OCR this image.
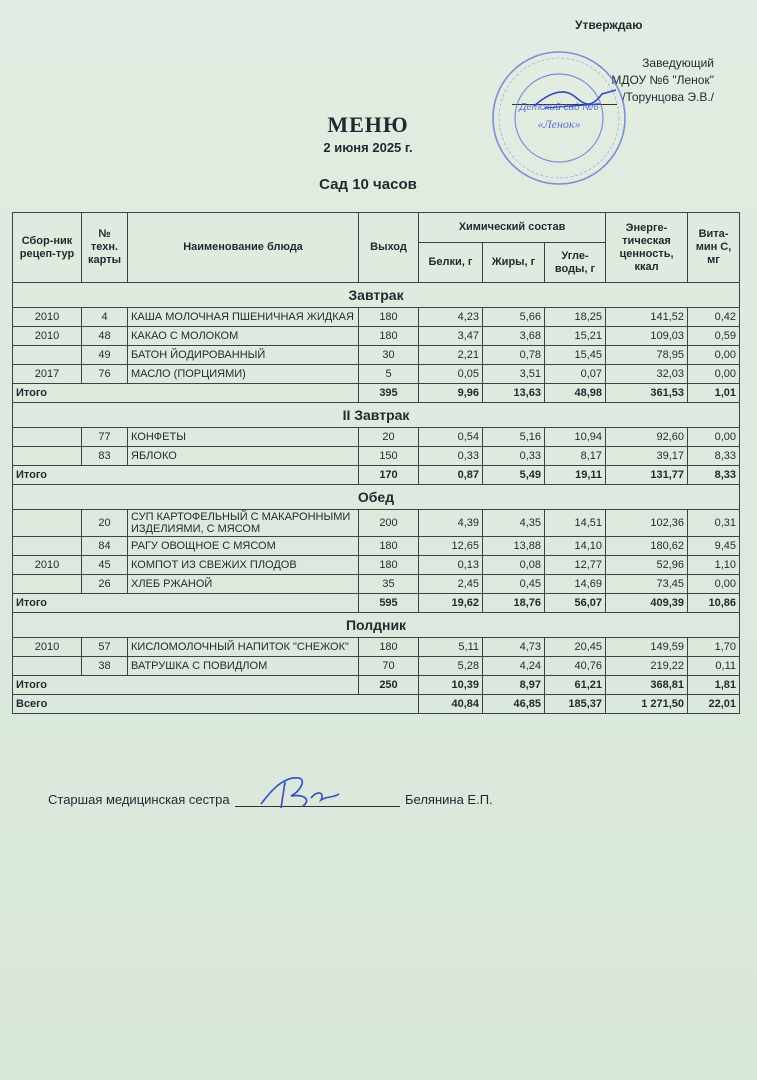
Утверждаю
Заведующий
МДОУ №6 "Ленок"
/Торунцова Э.В./
Детский сад №6
«Ленок»
МЕНЮ
2 июня 2025 г.
Сад 10 часов
Сбор-ник рецеп-тур	№ техн. карты	Наименование блюда	Выход	Химический состав			Энерге-тическая ценность, ккал	Вита-мин С, мг
				Белки, г	Жиры, г	Угле-воды, г		
Завтрак								
2010	4	КАША МОЛОЧНАЯ ПШЕНИЧНАЯ ЖИДКАЯ	180	4,23	5,66	18,25	141,52	0,42
2010	48	КАКАО С МОЛОКОМ	180	3,47	3,68	15,21	109,03	0,59
	49	БАТОН ЙОДИРОВАННЫЙ	30	2,21	0,78	15,45	78,95	0,00
2017	76	МАСЛО (ПОРЦИЯМИ)	5	0,05	3,51	0,07	32,03	0,00
Итого			395	9,96	13,63	48,98	361,53	1,01
II Завтрак								
	77	КОНФЕТЫ	20	0,54	5,16	10,94	92,60	0,00
	83	ЯБЛОКО	150	0,33	0,33	8,17	39,17	8,33
Итого			170	0,87	5,49	19,11	131,77	8,33
Обед								
	20	СУП КАРТОФЕЛЬНЫЙ С МАКАРОННЫМИ ИЗДЕЛИЯМИ, С МЯСОМ	200	4,39	4,35	14,51	102,36	0,31
	84	РАГУ ОВОЩНОЕ С МЯСОМ	180	12,65	13,88	14,10	180,62	9,45
2010	45	КОМПОТ ИЗ СВЕЖИХ ПЛОДОВ	180	0,13	0,08	12,77	52,96	1,10
	26	ХЛЕБ РЖАНОЙ	35	2,45	0,45	14,69	73,45	0,00
Итого			595	19,62	18,76	56,07	409,39	10,86
Полдник								
2010	57	КИСЛОМОЛОЧНЫЙ НАПИТОК "СНЕЖОК"	180	5,11	4,73	20,45	149,59	1,70
	38	ВАТРУШКА С ПОВИДЛОМ	70	5,28	4,24	40,76	219,22	0,11
Итого			250	10,39	8,97	61,21	368,81	1,81
Всего				40,84	46,85	185,37	1 271,50	22,01
Старшая медицинская сестра	Белянина Е.П.
